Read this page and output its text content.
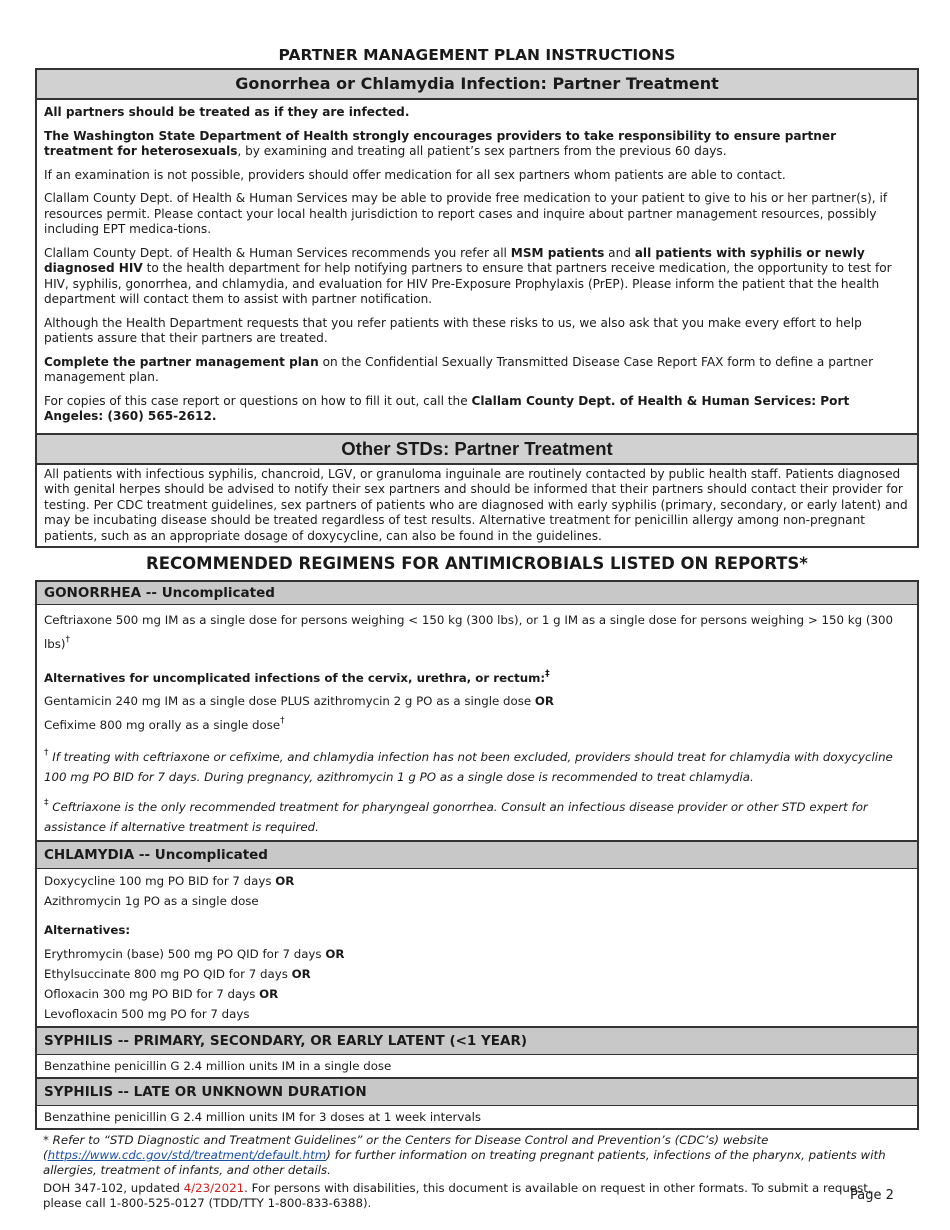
PARTNER MANAGEMENT PLAN INSTRUCTIONS
Gonorrhea or Chlamydia Infection: Partner Treatment

All partners should be treated as if they are infected.

The Washington State Department of Health strongly encourages providers to take responsibility to ensure partner treatment for heterosexuals, by examining and treating all patient’s sex partners from the previous 60 days.

If an examination is not possible, providers should offer medication for all sex partners whom patients are able to contact.

Clallam County Dept. of Health & Human Services may be able to provide free medication to your patient to give to his or her partner(s), if resources permit. Please contact your local health jurisdiction to report cases and inquire about partner management resources, possibly including EPT medica-tions.

Clallam County Dept. of Health & Human Services recommends you refer all MSM patients and all patients with syphilis or newly diagnosed HIV to the health department for help notifying partners to ensure that partners receive medication, the opportunity to test for HIV, syphilis, gonorrhea, and chlamydia, and evaluation for HIV Pre-Exposure Prophylaxis (PrEP). Please inform the patient that the health department will contact them to assist with partner notification.

Although the Health Department requests that you refer patients with these risks to us, we also ask that you make every effort to help patients assure that their partners are treated.

Complete the partner management plan on the Confidential Sexually Transmitted Disease Case Report FAX form to define a partner management plan.

For copies of this case report or questions on how to fill it out, call the Clallam County Dept. of Health & Human Services: Port Angeles: (360) 565-2612.

Other STDs: Partner Treatment

All patients with infectious syphilis, chancroid, LGV, or granuloma inguinale are routinely contacted by public health staff. Patients diagnosed with genital herpes should be advised to notify their sex partners and should be informed that their partners should contact their provider for testing. Per CDC treatment guidelines, sex partners of patients who are diagnosed with early syphilis (primary, secondary, or early latent) and may be incubating disease should be treated regardless of test results. Alternative treatment for penicillin allergy among non-pregnant patients, such as an appropriate dosage of doxycycline, can also be found in the guidelines.

RECOMMENDED REGIMENS FOR ANTIMICROBIALS LISTED ON REPORTS*
GONORRHEA -- Uncomplicated
Ceftriaxone 500 mg IM as a single dose for persons weighing < 150 kg (300 lbs), or 1 g IM as a single dose for persons weighing > 150 kg (300 lbs)†
Alternatives for uncomplicated infections of the cervix, urethra, or rectum:‡
Gentamicin 240 mg IM as a single dose PLUS azithromycin 2 g PO as a single dose OR
Cefixime 800 mg orally as a single dose†
† If treating with ceftriaxone or cefixime, and chlamydia infection has not been excluded, providers should treat for chlamydia with doxycycline 100 mg PO BID for 7 days. During pregnancy, azithromycin 1 g PO as a single dose is recommended to treat chlamydia.
‡ Ceftriaxone is the only recommended treatment for pharyngeal gonorrhea. Consult an infectious disease provider or other STD expert for assistance if alternative treatment is required.
CHLAMYDIA -- Uncomplicated
Doxycycline 100 mg PO BID for 7 days OR
Azithromycin 1g PO as a single dose
Alternatives:
Erythromycin (base) 500 mg PO QID for 7 days OR
Ethylsuccinate 800 mg PO QID for 7 days OR
Ofloxacin 300 mg PO BID for 7 days OR
Levofloxacin 500 mg PO for 7 days
SYPHILIS -- PRIMARY, SECONDARY, OR EARLY LATENT (<1 YEAR)
Benzathine penicillin G 2.4 million units IM in a single dose
SYPHILIS -- LATE OR UNKNOWN DURATION
Benzathine penicillin G 2.4 million units IM for 3 doses at 1 week intervals
* Refer to “STD Diagnostic and Treatment Guidelines” or the Centers for Disease Control and Prevention’s (CDC’s) website (https://www.cdc.gov/std/treatment/default.htm) for further information on treating pregnant patients, infections of the pharynx, patients with allergies, treatment of infants, and other details.
DOH 347-102, updated 4/23/2021. For persons with disabilities, this document is available on request in other formats. To submit a request, please call 1-800-525-0127 (TDD/TTY 1-800-833-6388).	Page 2
